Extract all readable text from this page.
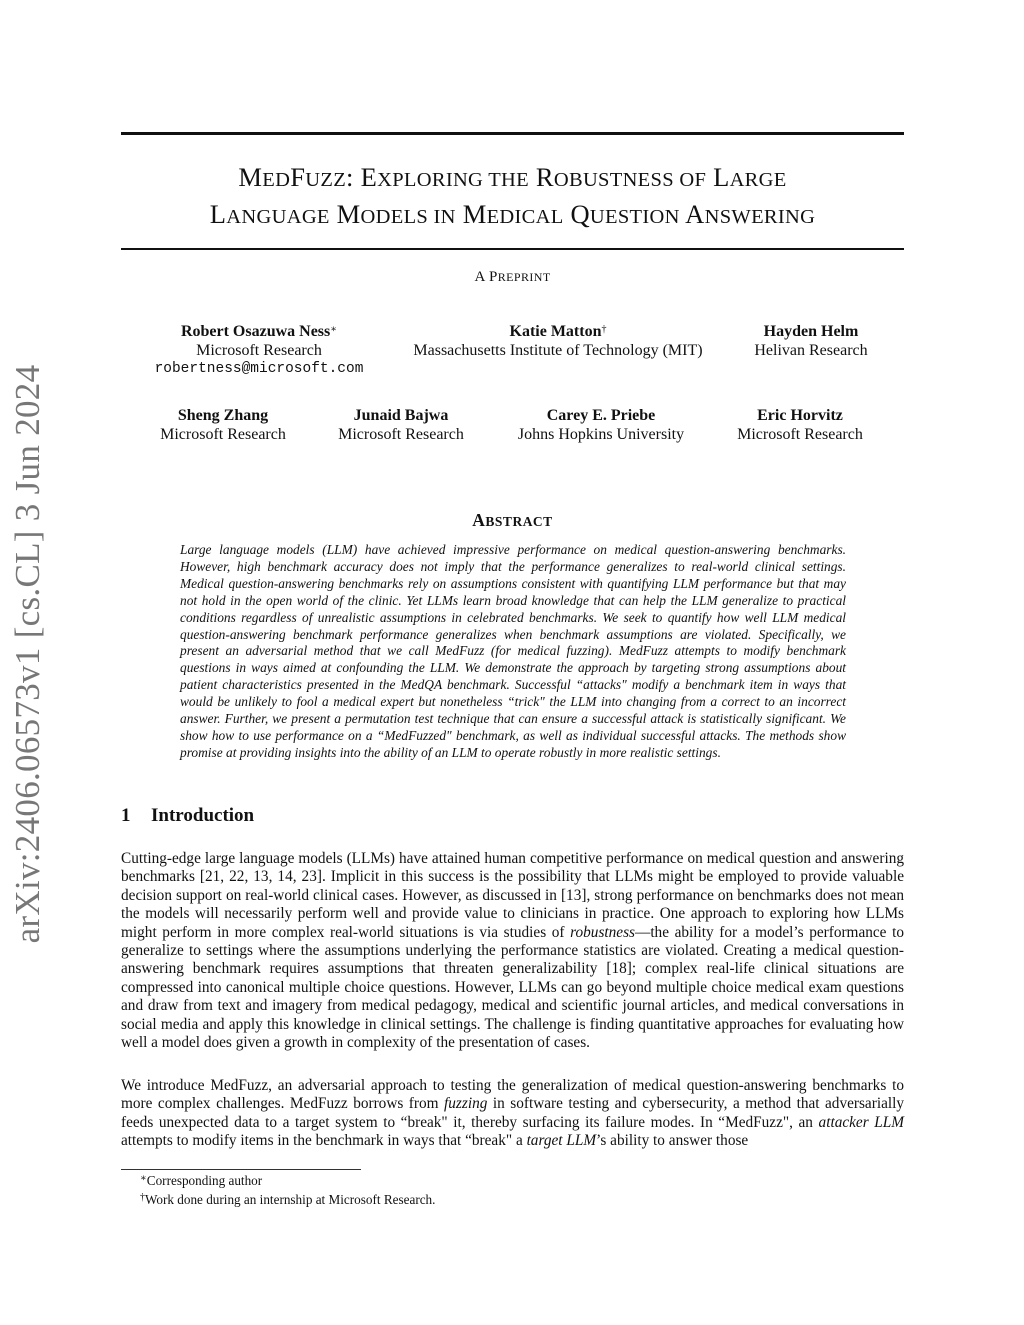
arXiv:2406.06573v1 [cs.CL] 3 Jun 2024
MEDFUZZ: EXPLORING THE ROBUSTNESS OF LARGE
LANGUAGE MODELS IN MEDICAL QUESTION ANSWERING
A PREPRINT
Robert Osazuwa Ness∗
Microsoft Research
robertness@microsoft.com
Katie Matton†
Massachusetts Institute of Technology (MIT)
Hayden Helm
Helivan Research
Sheng Zhang
Microsoft Research
Junaid Bajwa
Microsoft Research
Carey E. Priebe
Johns Hopkins University
Eric Horvitz
Microsoft Research
ABSTRACT
Large language models (LLM) have achieved impressive performance on medical question-answering benchmarks. However, high benchmark accuracy does not imply that the performance generalizes to real-world clinical settings. Medical question-answering benchmarks rely on assumptions consistent with quantifying LLM performance but that may not hold in the open world of the clinic. Yet LLMs learn broad knowledge that can help the LLM generalize to practical conditions regardless of unrealistic assumptions in celebrated benchmarks. We seek to quantify how well LLM medical question-answering benchmark performance generalizes when benchmark assumptions are violated. Specifically, we present an adversarial method that we call MedFuzz (for medical fuzzing). MedFuzz attempts to modify benchmark questions in ways aimed at confounding the LLM. We demonstrate the approach by targeting strong assumptions about patient characteristics presented in the MedQA benchmark. Successful “attacks" modify a benchmark item in ways that would be unlikely to fool a medical expert but nonetheless “trick" the LLM into changing from a correct to an incorrect answer. Further, we present a permutation test technique that can ensure a successful attack is statistically significant. We show how to use performance on a “MedFuzzed" benchmark, as well as individual successful attacks. The methods show promise at providing insights into the ability of an LLM to operate robustly in more realistic settings.
1 Introduction
Cutting-edge large language models (LLMs) have attained human competitive performance on medical question and answering benchmarks [21, 22, 13, 14, 23]. Implicit in this success is the possibility that LLMs might be employed to provide valuable decision support on real-world clinical cases. However, as discussed in [13], strong performance on benchmarks does not mean the models will necessarily perform well and provide value to clinicians in practice. One approach to exploring how LLMs might perform in more complex real-world situations is via studies of robustness—the ability for a model’s performance to generalize to settings where the assumptions underlying the performance statistics are violated. Creating a medical question-answering benchmark requires assumptions that threaten generalizability [18]; complex real-life clinical situations are compressed into canonical multiple choice questions. However, LLMs can go beyond multiple choice medical exam questions and draw from text and imagery from medical pedagogy, medical and scientific journal articles, and medical conversations in social media and apply this knowledge in clinical settings. The challenge is finding quantitative approaches for evaluating how well a model does given a growth in complexity of the presentation of cases.
We introduce MedFuzz, an adversarial approach to testing the generalization of medical question-answering benchmarks to more complex challenges. MedFuzz borrows from fuzzing in software testing and cybersecurity, a method that adversarially feeds unexpected data to a target system to “break" it, thereby surfacing its failure modes. In “MedFuzz", an attacker LLM attempts to modify items in the benchmark in ways that “break" a target LLM’s ability to answer those
∗Corresponding author
†Work done during an internship at Microsoft Research.
